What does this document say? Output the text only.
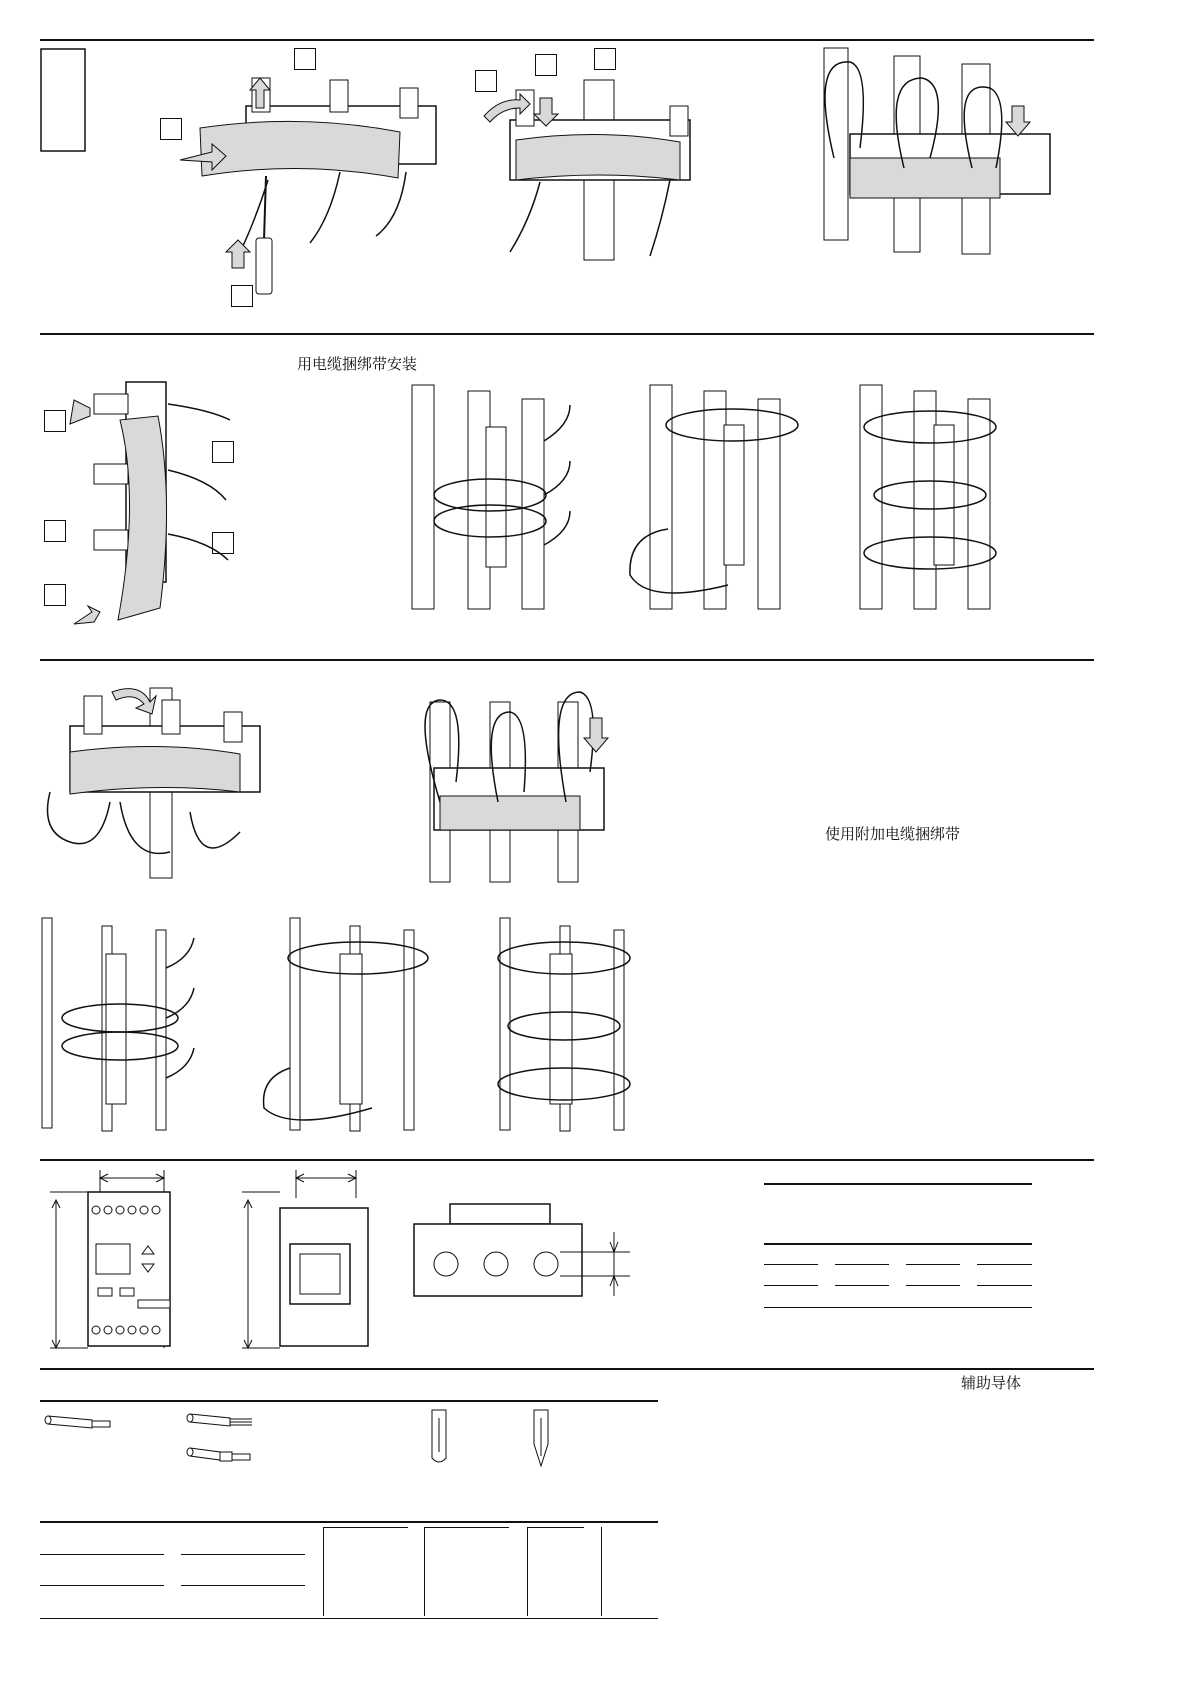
用电缆捆绑带安装
使用附加电缆捆绑带
辅助导体
